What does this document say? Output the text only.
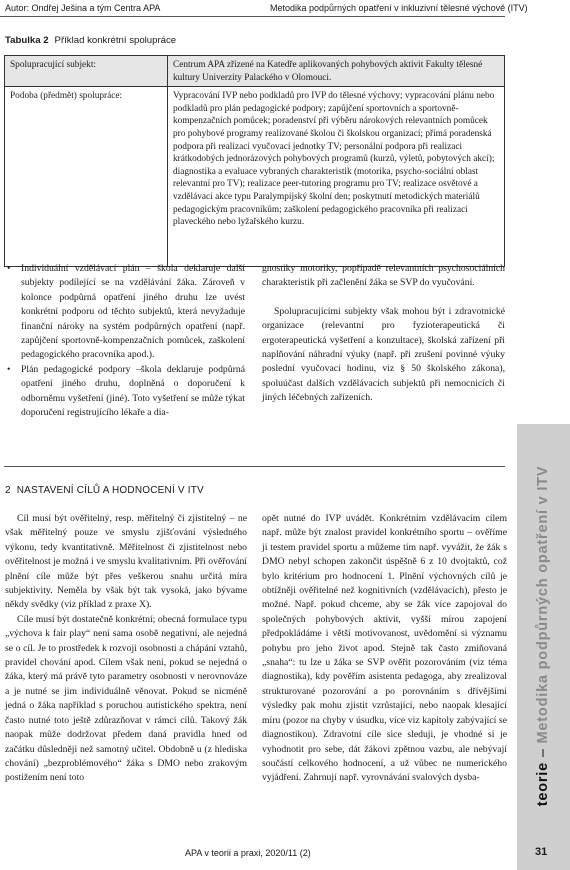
Autor: Ondřej Ješina a tým Centra APA	Metodika podpůrných opatření v inkluzivní tělesné výchově (ITV)
Tabulka 2 Příklad konkrétní spolupráce
Spolupracující subjekt:	Centrum APA zřízené na Katedře aplikovaných pohybových aktivit Fakulty tělesné kultury Univerzity Palackého v Olomouci.
Podoba (předmět) spolupráce:	Vypracování IVP nebo podkladů pro IVP do tělesné výchovy; vypracování plánu nebo podkladů pro plán pedagogické podpory; zapůjčení sportovních a sportovně-kompenzačních pomůcek; poradenství při výběru nárokových relevantních pomůcek pro pohybové programy realizované školou či školskou organizací; přímá poradenská podpora při realizaci vyučovací jednotky TV; personální podpora při realizaci krátkodobých jednorázových pohybových programů (kurzů, výletů, pobytových akcí); diagnostika a evaluace vybraných charakteristik (motorika, psycho-sociální oblast relevantní pro TV); realizace peer-tutoring programu pro TV; realizace osvětové a vzdělávací akce typu Paralympijský školní den; poskytnutí metodických materiálů pedagogickým pracovníkům; zaškolení pedagogického pracovníka při realizaci plaveckého nebo lyžařského kurzu.
• Individuální vzdělávací plán – škola deklaruje další subjekty podílející se na vzdělávání žáka. Zároveň v kolonce podpůrná opatření jiného druhu lze uvést konkrétní podporu od těchto subjektů, která nevyžaduje finanční nároky na systém podpůrných opatření (např. zapůjčení sportovně-kompenzačních pomůcek, zaškolení pedagogického pracovníka apod.).
• Plán pedagogické podpory –škola deklaruje podpůrná opatření jiného druhu, doplněná o doporučení k odborněmu vyšetření (jiné). Toto vyšetření se může týkat doporučení registrujícího lékaře a dia-

gnostiky motoriky, popřípadě relevantních psychosociálních charakteristik při začlenění žáka se SVP do vyučování.

Spolupracujícími subjekty však mohou být i zdravotnické organizace (relevantní pro fyzioterapeutická či ergoterapeutická vyšetření a konzultace), školská zařízení při naplňování náhradní výuky (např. při zrušení povinné výuky poslední vyučovací hodinu, viz § 50 školského zákona), spoluúčast dalších vzdělávacích subjektů při nemocnicích či jiných léčebných zařízeních.

2 NASTAVENÍ CÍLŮ A HODNOCENÍ V ITV

Cíl musí být ověřitelný, resp. měřitelný či zjistitelný – ne však měřitelný pouze ve smyslu zjišťování výsledného výkonu, tedy kvantitativně. Měřitelnost či zjistitelnost nebo ověřitelnost je možná i ve smyslu kvalitativním. Při ověřování plnění cíle může být přes veškerou snahu určitá míra subjektivity. Neměla by však být tak vysoká, jako bývame někdy svědky (viz příklad z praxe X).

Cíle musí být dostatečně konkrétní; obecná formulace typu „výchova k fair play“ není sama osobě negativní, ale nejedná se o cíl. Je to prostředek k rozvoji osobnosti a chápání vztahů, pravidel chování apod. Cílem však není, pokud se nejedná o žáka, který má právě tyto parametry osobnosti v nerovnováze a je nutné se jim individuálně věnovat. Pokud se nicméně jedná o žáka například s poruchou autistického spektra, není často nutné toto ještě zdůrazňovat v rámci cílů. Takový žák naopak může dodržovat předem daná pravidla hned od začátku důsledněji než samotný učitel. Obdobně u (z hlediska chování) „bezproblémového“ žáka s DMO nebo zrakovým postižením není toto

opět nutné do IVP uvádět. Konkrétním vzdělávacím cílem např. může být znalost pravidel konkrétního sportu – ověříme ji testem pravidel sportu a můžeme tím např. vyvážit, že žák s DMO nebyl schopen zakončit úspěšně 6 z 10 dvojtaktů, což bylo kritérium pro hodnocení 1. Plnění výchovných cílů je obtížněji ověřitelné než kognitivních (vzdělávacích), přesto je možné. Např. pokud chceme, aby se žák více zapojoval do společných pohybových aktivit, vyšší mírou zapojení předpokládáme i větší motivovanost, uvědomění si významu pohybu pro jeho život apod. Stejně tak často zmiňovaná „snaha“: tu lze u žáka se SVP ověřit pozorováním (viz téma diagnostika), kdy pověřím asistenta pedagoga, aby zrealizoval strukturované pozorování a po porovnáním s dřívějšími výsledky pak mohu zjistit vzrůstající, nebo naopak klesající míru (pozor na chyby v úsudku, více viz kapitoly zabývající se diagnostikou). Zdravotní cíle sice sleduji, je vhodné si je vyhodnotit pro sebe, dát žákovi zpětnou vazbu, ale nebývají součástí celkového hodnocení, a už vůbec ne numerického vyjádření. Zahrnují např. vyrovnávání svalových dysba-	teorie – Metodika podpůrných opatření v ITV
APA v teorii a praxi, 2020/11 (2)	31
